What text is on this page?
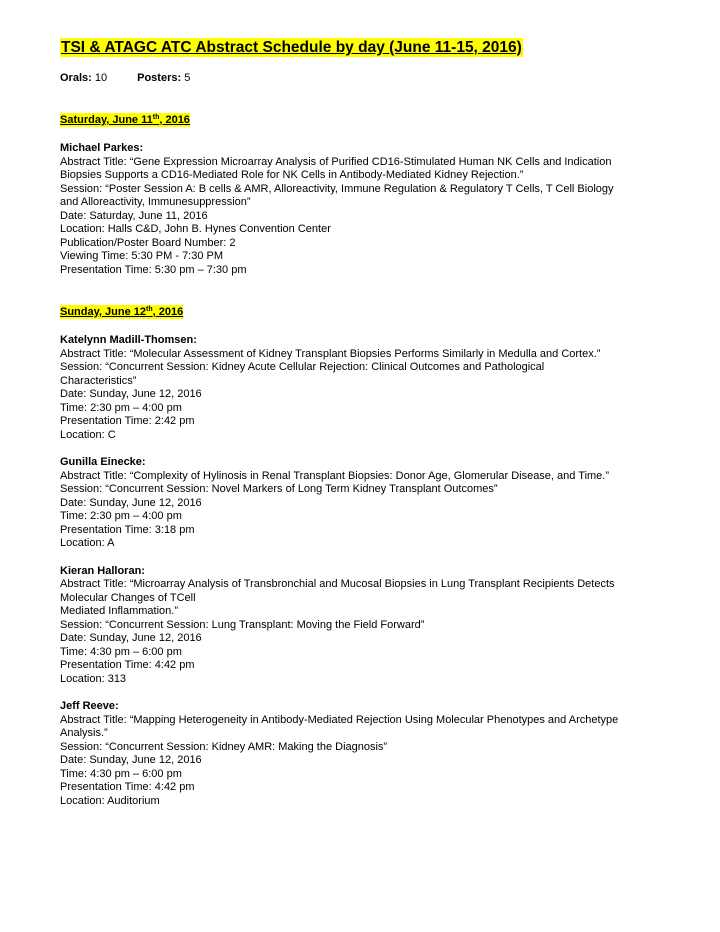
TSI & ATAGC ATC Abstract Schedule by day (June 11-15, 2016)
Orals: 10	Posters: 5
Saturday, June 11th, 2016
Michael Parkes:
Abstract Title: “Gene Expression Microarray Analysis of Purified CD16-Stimulated Human NK Cells and Indication
Biopsies Supports a CD16-Mediated Role for NK Cells in Antibody-Mediated Kidney Rejection.”
Session: “Poster Session A: B cells & AMR, Alloreactivity, Immune Regulation & Regulatory T Cells, T Cell Biology
and Alloreactivity, Immunesuppression”
Date: Saturday, June 11, 2016
Location: Halls C&D, John B. Hynes Convention Center
Publication/Poster Board Number: 2
Viewing Time: 5:30 PM - 7:30 PM
Presentation Time: 5:30 pm – 7:30 pm
Sunday, June 12th, 2016
Katelynn Madill-Thomsen:
Abstract Title: “Molecular Assessment of Kidney Transplant Biopsies Performs Similarly in Medulla and Cortex.”
Session: “Concurrent Session: Kidney Acute Cellular Rejection: Clinical Outcomes and Pathological
Characteristics”
Date: Sunday, June 12, 2016
Time: 2:30 pm – 4:00 pm
Presentation Time: 2:42 pm
Location: C
Gunilla Einecke:
Abstract Title: “Complexity of Hylinosis in Renal Transplant Biopsies: Donor Age, Glomerular Disease, and Time.”
Session: “Concurrent Session: Novel Markers of Long Term Kidney Transplant Outcomes”
Date: Sunday, June 12, 2016
Time: 2:30 pm – 4:00 pm
Presentation Time: 3:18 pm
Location: A
Kieran Halloran:
Abstract Title: “Microarray Analysis of Transbronchial and Mucosal Biopsies in Lung Transplant Recipients Detects
Molecular Changes of TCell
Mediated Inflammation.”
Session: “Concurrent Session: Lung Transplant: Moving the Field Forward”
Date: Sunday, June 12, 2016
Time: 4:30 pm – 6:00 pm
Presentation Time: 4:42 pm
Location: 313
Jeff Reeve:
Abstract Title: “Mapping Heterogeneity in Antibody-Mediated Rejection Using Molecular Phenotypes and Archetype
Analysis.”
Session: “Concurrent Session: Kidney AMR: Making the Diagnosis”
Date: Sunday, June 12, 2016
Time: 4:30 pm – 6:00 pm
Presentation Time: 4:42 pm
Location: Auditorium
